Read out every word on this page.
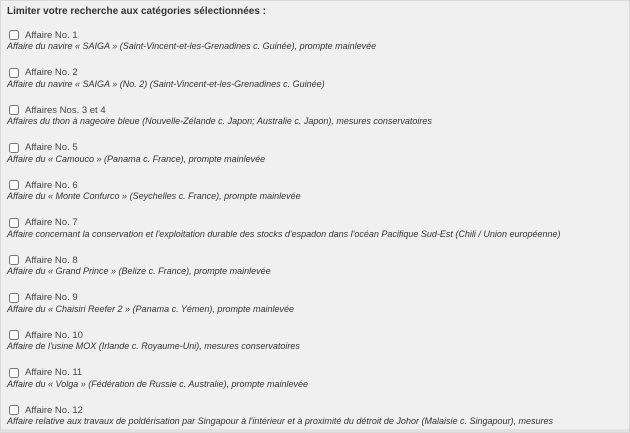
Limiter votre recherche aux catégories sélectionnées :
Affaire No. 1
Affaire du navire « SAIGA » (Saint-Vincent-et-les-Grenadines c. Guinée), prompte mainlevée
Affaire No. 2
Affaire du navire « SAIGA » (No. 2) (Saint-Vincent-et-les-Grenadines c. Guinée)
Affaires Nos. 3 et 4
Affaires du thon à nageoire bleue (Nouvelle-Zélande c. Japon; Australie c. Japon), mesures conservatoires
Affaire No. 5
Affaire du « Camouco » (Panama c. France), prompte mainlevée
Affaire No. 6
Affaire du « Monte Confurco » (Seychelles c. France), prompte mainlevée
Affaire No. 7
Affaire concernant la conservation et l'exploitation durable des stocks d'espadon dans l'océan Pacifique Sud-Est (Chili / Union européenne)
Affaire No. 8
Affaire du « Grand Prince » (Belize c. France), prompte mainlevée
Affaire No. 9
Affaire du « Chaisiri Reefer 2 » (Panama c. Yémen), prompte mainlevée
Affaire No. 10
Affaire de l'usine MOX (Irlande c. Royaume-Uni), mesures conservatoires
Affaire No. 11
Affaire du « Volga » (Fédération de Russie c. Australie), prompte mainlevée
Affaire No. 12
Affaire relative aux travaux de poldérisation par Singapour à l'intérieur et à proximité du détroit de Johor (Malaisie c. Singapour), mesures
